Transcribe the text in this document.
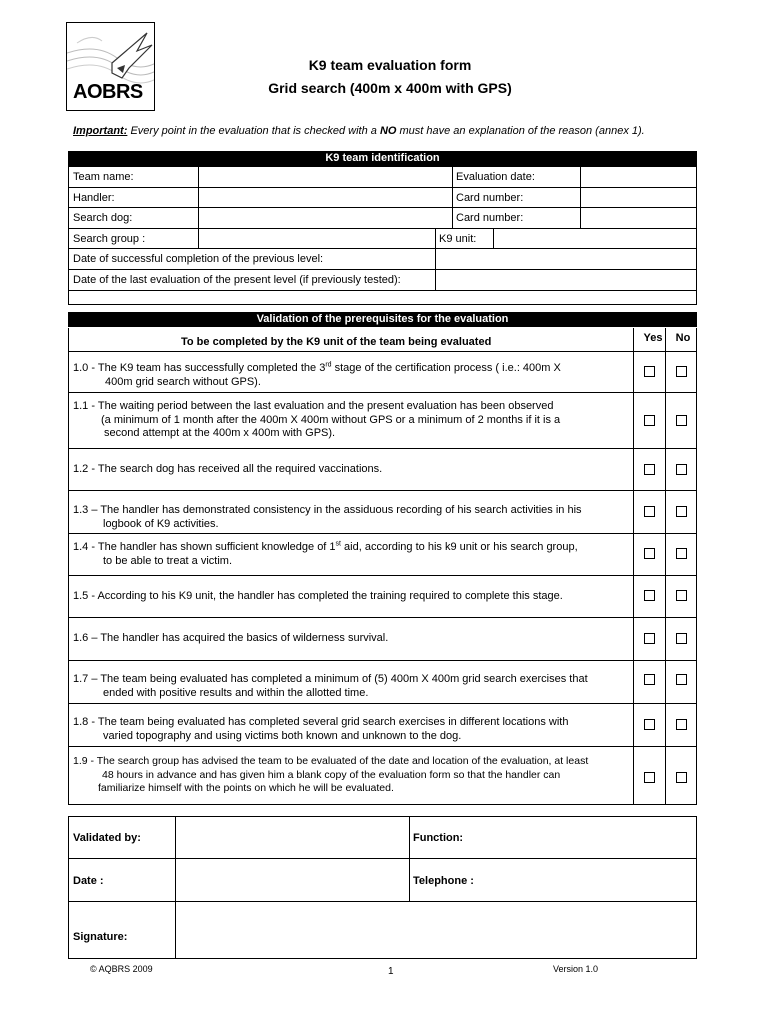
AOBRS
K9 team evaluation form
Grid search (400m x 400m with GPS)
Important: Every point in the evaluation that is checked with a NO must have an explanation of the reason (annex 1).
K9 team identification
Team name:	Evaluation date:
Handler:	Card number:
Search dog:	Card number:
Search group :	K9 unit:
Date of successful completion of the previous level:
Date of the last evaluation of the present level (if previously tested):
Validation of the prerequisites for the evaluation
To be completed by the K9 unit of the team being evaluated	Yes	No
1.0 - The K9 team has successfully completed the 3rd stage of the certification process ( i.e.: 400m X
400m grid search without GPS).
1.1 - The waiting period between the last evaluation and the present evaluation has been observed
(a minimum of 1 month after the 400m X 400m without GPS or a minimum of 2 months if it is a
second attempt at the 400m x 400m with GPS).
1.2 - The search dog has received all the required vaccinations.
1.3 – The handler has demonstrated consistency in the assiduous recording of his search activities in his
logbook of K9 activities.
1.4 - The handler has shown sufficient knowledge of 1st aid, according to his k9 unit or his search group,
to be able to treat a victim.
1.5 - According to his K9 unit, the handler has completed the training required to complete this stage.
1.6 – The handler has acquired the basics of wilderness survival.
1.7 – The team being evaluated has completed a minimum of (5) 400m X 400m grid search exercises that
ended with positive results and within the allotted time.
1.8 - The team being evaluated has completed several grid search exercises in different locations with
varied topography and using victims both known and unknown to the dog.
1.9 - The search group has advised the team to be evaluated of the date and location of the evaluation, at least
48 hours in advance and has given him a blank copy of the evaluation form so that the handler can
familiarize himself with the points on which he will be evaluated.
Validated by:	Function:
Date :	Telephone :
Signature:
© AQBRS 2009	1	Version 1.0
